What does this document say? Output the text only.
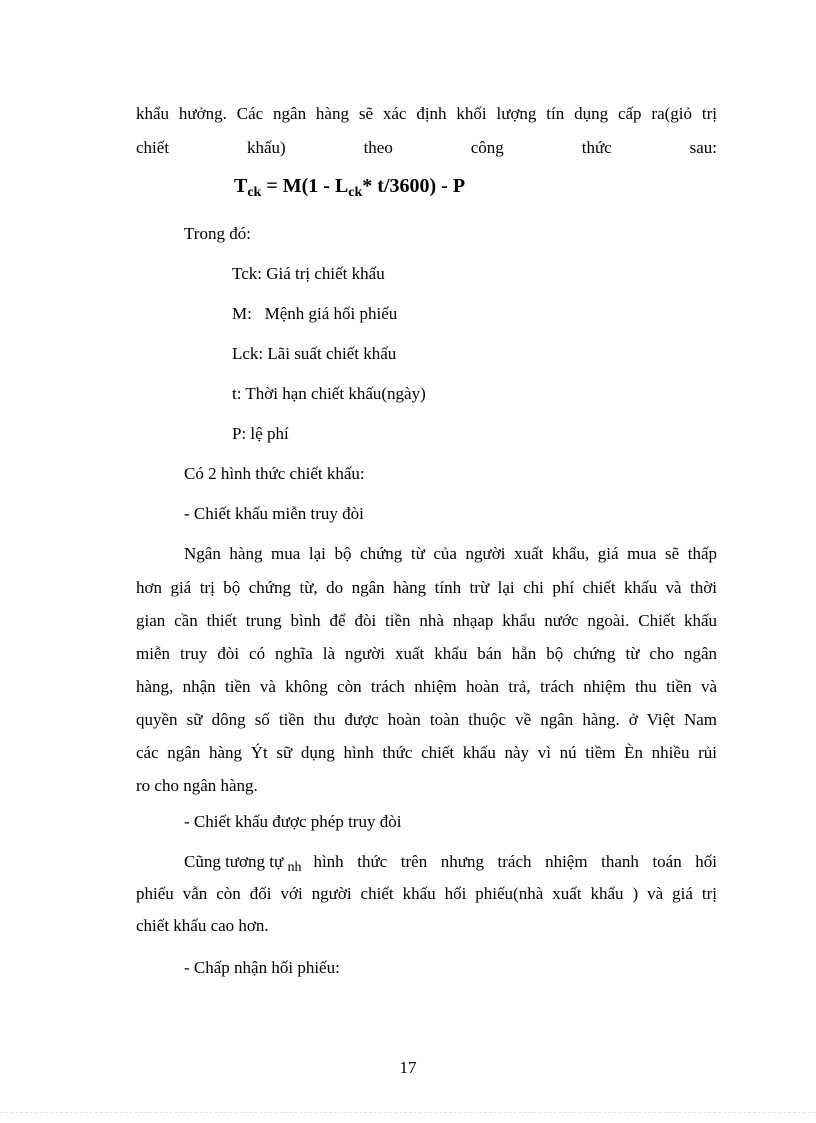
khẩu hưởng. Các ngân hàng sẽ xác định khối lượng tín dụng cấp ra(giỏ trị
chiết	khấu)	theo	công	thức	sau:
$T_{ck} = M(1 - L_{ck}*$ t/3600) - P
Trong đó:
Tck: Giá trị chiết khấu
M:   Mệnh giá hối phiếu
Lck: Lãi suất chiết khấu
t: Thời hạn chiết khấu(ngày)
P: lệ phí
Có 2 hình thức chiết khấu:
- Chiết khấu miễn truy đòi
Ngân hàng mua lại bộ chứng từ của người xuất khẩu, giá mua sẽ thấp
hơn giá trị bộ chứng từ, do ngân hàng tính trừ lại chi phí chiết khấu và thời
gian cần thiết trung bình để đòi tiền nhà nhạap khẩu nước ngoài. Chiết khấu
miễn truy đòi có nghĩa là người xuất khẩu bán hẵn bộ chứng từ cho ngân
hàng, nhận tiền và không còn trách nhiệm hoàn trả, trách nhiệm thu tiền và
quyền sữ dông số tiền thu được hoàn toàn thuộc về ngân hàng. ở Việt Nam
các ngân hàng Ýt sữ dụng hình thức chiết khấu này vì nú tiềm Èn nhiều rủi
ro cho ngân hàng.
- Chiết khấu được phép truy đòi
Cũng tương tự nh hình thức trên nhưng trách nhiệm thanh toán hối
phiếu vẫn còn đối với người chiết khấu hối phiếu(nhà xuất khẩu ) và giá trị
chiết khấu cao hơn.
- Chấp nhận hối phiếu:
17
